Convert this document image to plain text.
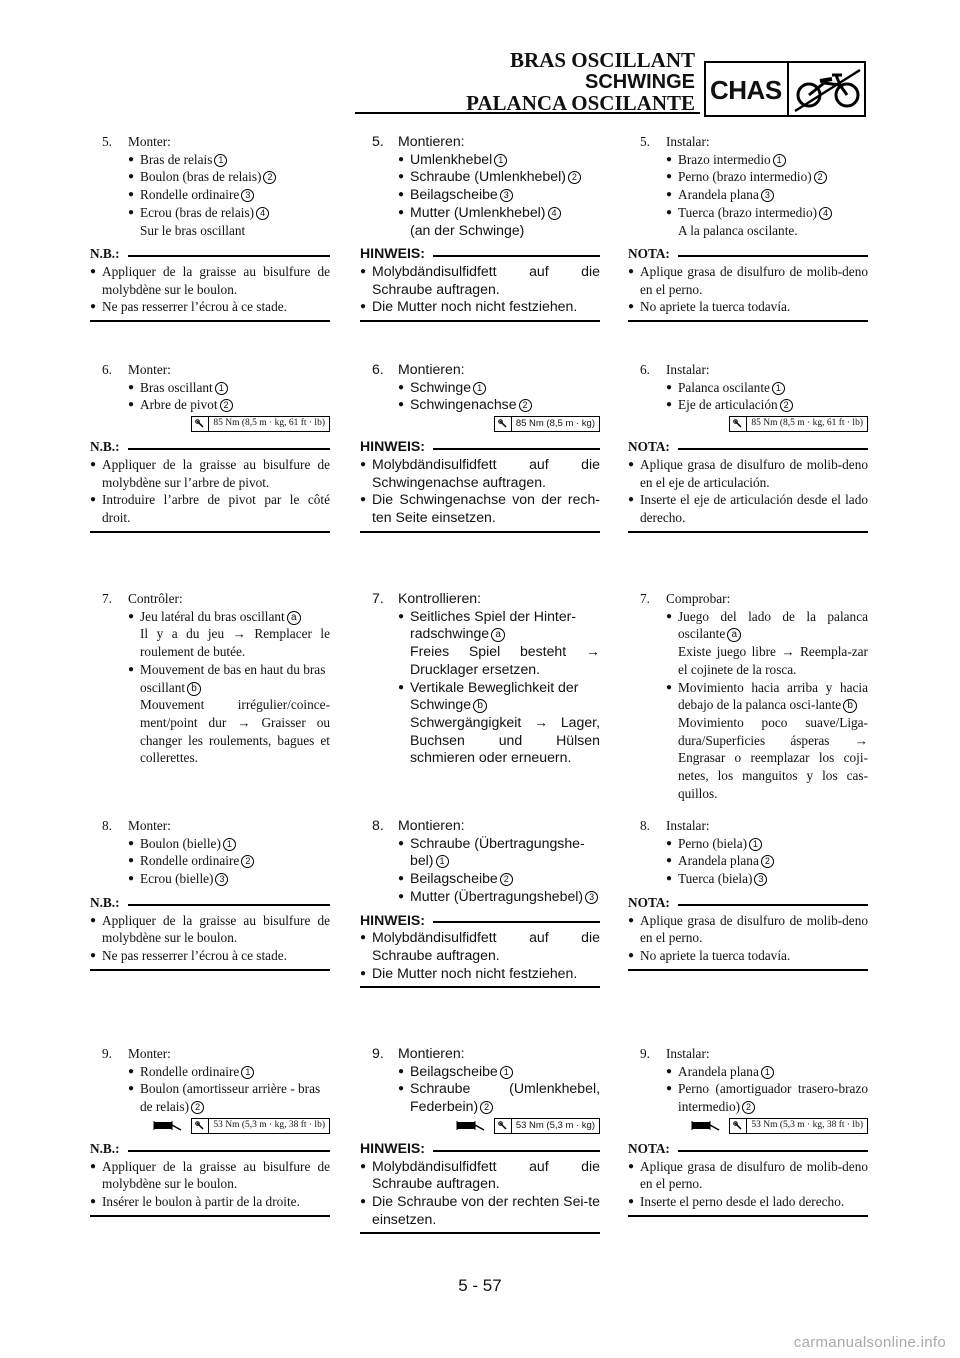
BRAS OSCILLANT
SCHWINGE
PALANCA OSCILANTE CHAS
5.	Monter:
● Bras de relais 1
● Boulon (bras de relais) 2
● Rondelle ordinaire 3
● Ecrou (bras de relais) 4
Sur le bras oscillant
N.B.:
● Appliquer de la graisse au bisulfure de molybdène sur le boulon.
● Ne pas resserrer l’écrou à ce stade.
6.	Monter:
● Bras oscillant 1
● Arbre de pivot 2
85 Nm (8,5 m · kg, 61 ft · lb)
N.B.:
● Appliquer de la graisse au bisulfure de molybdène sur l’arbre de pivot.
● Introduire l’arbre de pivot par le côté droit.
7.	Contrôler:
● Jeu latéral du bras oscillant a
Il y a du jeu → Remplacer le roulement de butée.
● Mouvement de bas en haut du bras oscillant b
Mouvement irrégulier/coince-ment/point dur → Graisser ou changer les roulements, bagues et collerettes.
8.	Monter:
● Boulon (bielle) 1
● Rondelle ordinaire 2
● Ecrou (bielle) 3
N.B.:
● Appliquer de la graisse au bisulfure de molybdène sur le boulon.
● Ne pas resserrer l’écrou à ce stade.
9.	Monter:
● Rondelle ordinaire 1
● Boulon (amortisseur arrière - bras de relais) 2
53 Nm (5,3 m · kg, 38 ft · lb)
N.B.:
● Appliquer de la graisse au bisulfure de molybdène sur le boulon.
● Insérer le boulon à partir de la droite.
5.	Montieren:
● Umlenkhebel 1
● Schraube (Umlenkhebel) 2
● Beilagscheibe 3
● Mutter (Umlenkhebel) 4
(an der Schwinge)
HINWEIS:
● Molybdändisulfidfett auf die Schraube auftragen.
● Die Mutter noch nicht festziehen.
6.	Montieren:
● Schwinge 1
● Schwingenachse 2
85 Nm (8,5 m · kg)
HINWEIS:
● Molybdändisulfidfett auf die Schwingenachse auftragen.
● Die Schwingenachse von der rech-ten Seite einsetzen.
7.	Kontrollieren:
● Seitliches Spiel der Hinter-radschwinge a
Freies Spiel besteht → Drucklager ersetzen.
● Vertikale Beweglichkeit der Schwinge b
Schwergängigkeit → Lager, Buchsen und Hülsen schmieren oder erneuern.
8.	Montieren:
● Schraube (Übertragungshe-bel) 1
● Beilagscheibe 2
● Mutter (Übertragungshebel) 3
HINWEIS:
● Molybdändisulfidfett auf die Schraube auftragen.
● Die Mutter noch nicht festziehen.
9.	Montieren:
● Beilagscheibe 1
● Schraube (Umlenkhebel, Federbein) 2
53 Nm (5,3 m · kg)
HINWEIS:
● Molybdändisulfidfett auf die Schraube auftragen.
● Die Schraube von der rechten Sei-te einsetzen.
5.	Instalar:
● Brazo intermedio 1
● Perno (brazo intermedio) 2
● Arandela plana 3
● Tuerca (brazo intermedio) 4
A la palanca oscilante.
NOTA:
● Aplique grasa de disulfuro de molib-deno en el perno.
● No apriete la tuerca todavía.
6.	Instalar:
● Palanca oscilante 1
● Eje de articulación 2
85 Nm (8,5 m · kg, 61 ft · lb)
NOTA:
● Aplique grasa de disulfuro de molib-deno en el eje de articulación.
● Inserte el eje de articulación desde el lado derecho.
7.	Comprobar:
● Juego del lado de la palanca oscilante a
Existe juego libre → Reempla-zar el cojinete de la rosca.
● Movimiento hacia arriba y hacia debajo de la palanca osci-lante b
Movimiento poco suave/Liga-dura/Superficies ásperas → Engrasar o reemplazar los coji-netes, los manguitos y los cas-quillos.
8.	Instalar:
● Perno (biela) 1
● Arandela plana 2
● Tuerca (biela) 3
NOTA:
● Aplique grasa de disulfuro de molib-deno en el perno.
● No apriete la tuerca todavía.
9.	Instalar:
● Arandela plana 1
● Perno (amortiguador trasero-brazo intermedio) 2
53 Nm (5,3 m · kg, 38 ft · lb)
NOTA:
● Aplique grasa de disulfuro de molib-deno en el perno.
● Inserte el perno desde el lado derecho.
5 - 57
carmanualsonline.info
